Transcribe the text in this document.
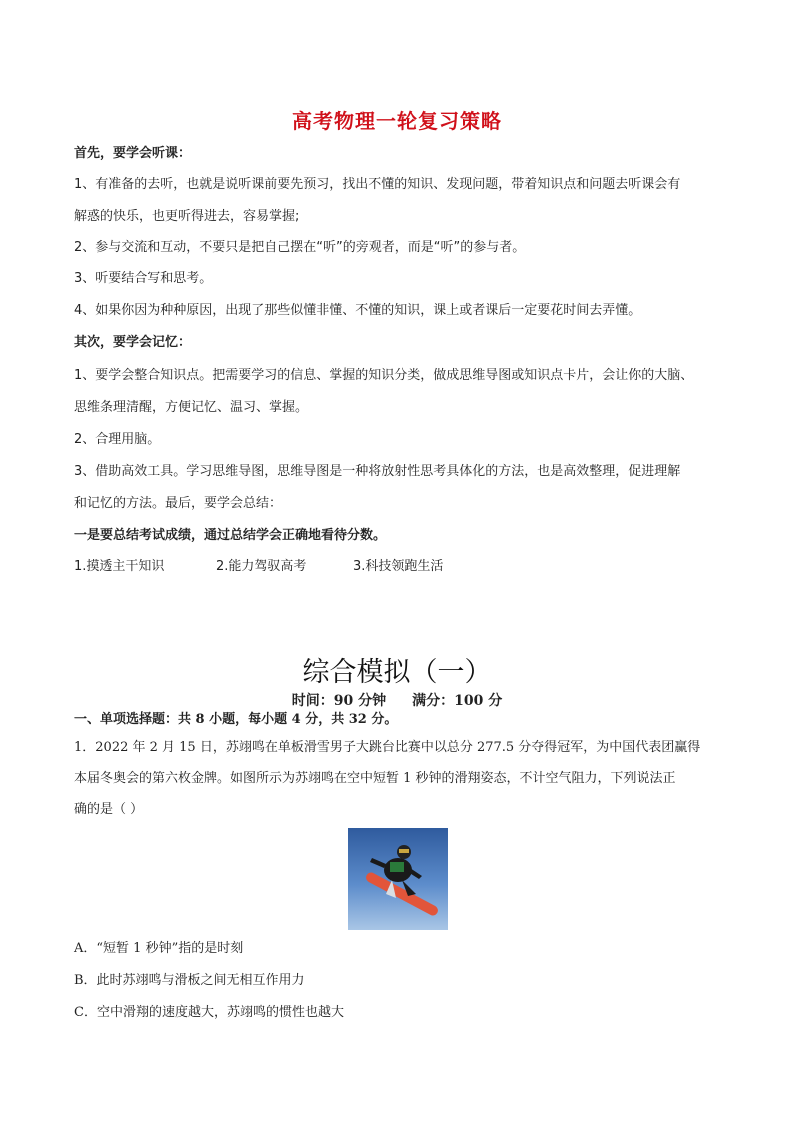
高考物理一轮复习策略
首先，要学会听课：
1、有准备的去听，也就是说听课前要先预习，找出不懂的知识、发现问题，带着知识点和问题去听课会有
解惑的快乐，也更听得进去，容易掌握;
2、参与交流和互动，不要只是把自己摆在“听”的旁观者，而是“听”的参与者。
3、听要结合写和思考。
4、如果你因为种种原因，出现了那些似懂非懂、不懂的知识，课上或者课后一定要花时间去弄懂。
其次，要学会记忆：
1、要学会整合知识点。把需要学习的信息、掌握的知识分类，做成思维导图或知识点卡片，会让你的大脑、
思维条理清醒，方便记忆、温习、掌握。
2、合理用脑。
3、借助高效工具。学习思维导图，思维导图是一种将放射性思考具体化的方法，也是高效整理，促进理解
和记忆的方法。最后，要学会总结：
一是要总结考试成绩，通过总结学会正确地看待分数。
1.摸透主干知识	2.能力驾驭高考	3.科技领跑生活
综合模拟（一）
时间：90 分钟 满分：100 分
一、单项选择题：共 8 小题，每小题 4 分，共 32 分。
1．2022 年 2 月 15 日，苏翊鸣在单板滑雪男子大跳台比赛中以总分 277.5 分夺得冠军，为中国代表团赢得
本届冬奥会的第六枚金牌。如图所示为苏翊鸣在空中短暂 1 秒钟的滑翔姿态，不计空气阻力，下列说法正
确的是（ ）
A．“短暂 1 秒钟”指的是时刻
B．此时苏翊鸣与滑板之间无相互作用力
C．空中滑翔的速度越大，苏翊鸣的惯性也越大
